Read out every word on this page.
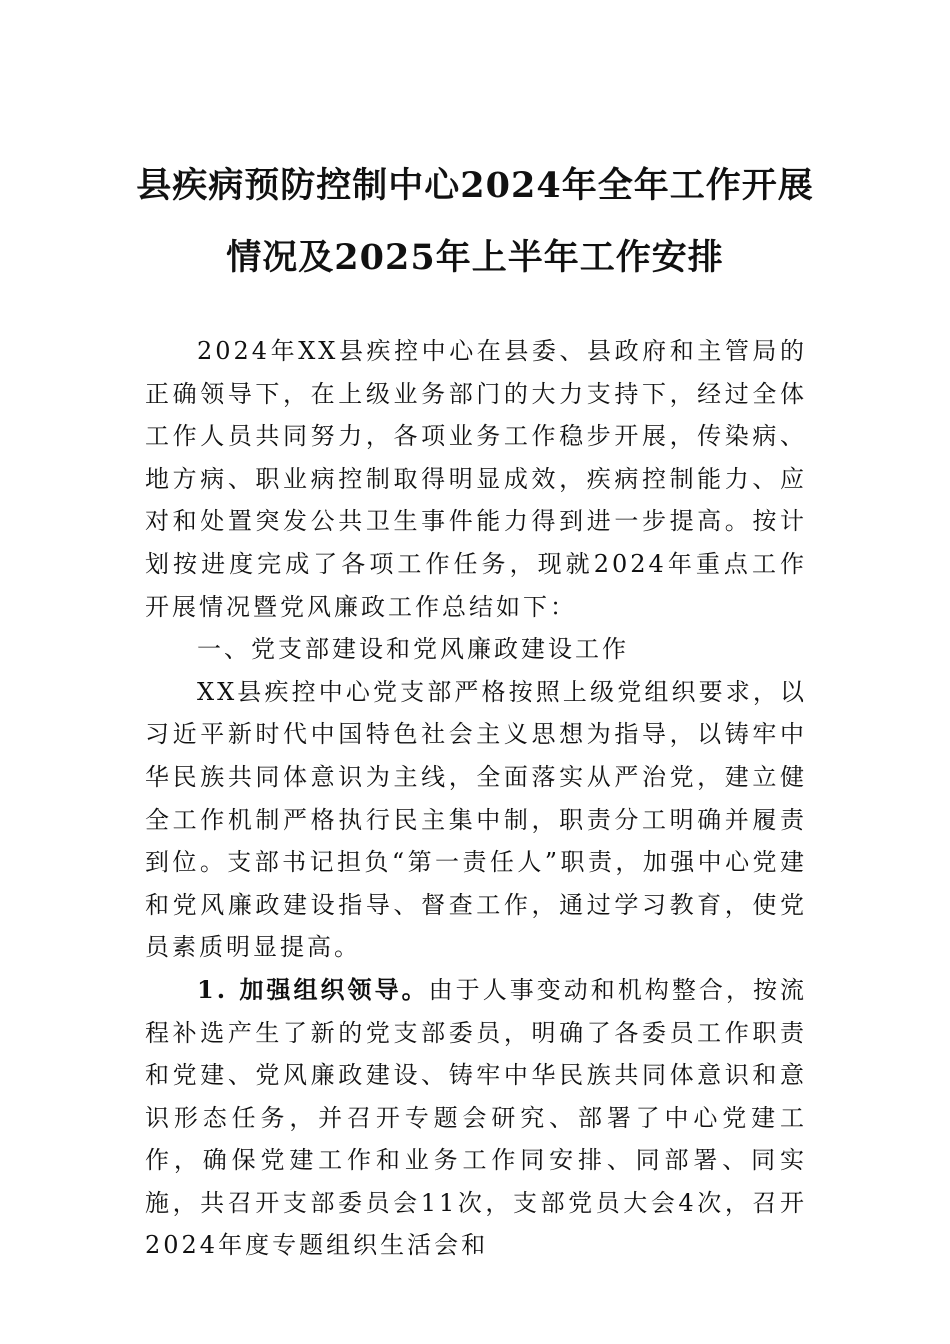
县疾病预防控制中心2024年全年工作开展
情况及2025年上半年工作安排

2024年XX县疾控中心在县委、县政府和主管局的正确领导下，在上级业务部门的大力支持下，经过全体工作人员共同努力，各项业务工作稳步开展，传染病、地方病、职业病控制取得明显成效，疾病控制能力、应对和处置突发公共卫生事件能力得到进一步提高。按计划按进度完成了各项工作任务，现就2024年重点工作开展情况暨党风廉政工作总结如下：

一、党支部建设和党风廉政建设工作

XX县疾控中心党支部严格按照上级党组织要求，以习近平新时代中国特色社会主义思想为指导，以铸牢中华民族共同体意识为主线，全面落实从严治党，建立健全工作机制严格执行民主集中制，职责分工明确并履责到位。支部书记担负“第一责任人”职责，加强中心党建和党风廉政建设指导、督查工作，通过学习教育，使党员素质明显提高。

1. 加强组织领导。由于人事变动和机构整合，按流程补选产生了新的党支部委员，明确了各委员工作职责和党建、党风廉政建设、铸牢中华民族共同体意识和意识形态任务，并召开专题会研究、部署了中心党建工作，确保党建工作和业务工作同安排、同部署、同实施，共召开支部委员会11次，支部党员大会4次，召开2024年度专题组织生活会和
